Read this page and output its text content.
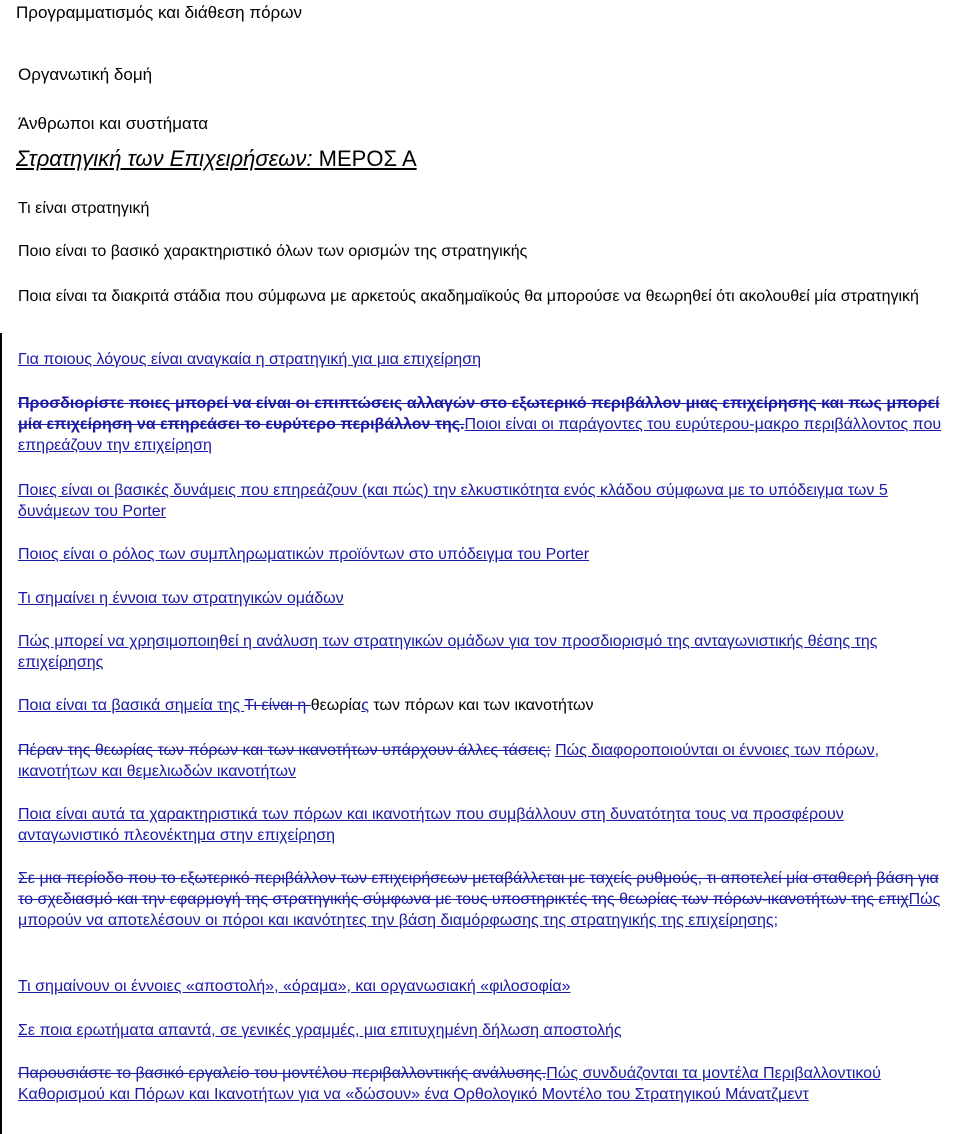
Προγραμματισμός και διάθεση πόρων

Οργανωτική δομή

Άνθρωποι και συστήματα

Στρατηγική των Επιχειρήσεων: ΜΕΡΟΣ Α

Τι είναι στρατηγική

Ποιο είναι το βασικό χαρακτηριστικό όλων των ορισμών της στρατηγικής

Ποια είναι τα διακριτά στάδια που σύμφωνα με αρκετούς ακαδημαϊκούς θα μπορούσε να θεωρηθεί ότι ακολουθεί μία στρατηγική

Για ποιους λόγους είναι αναγκαία η στρατηγική για μια επιχείρηση

Προσδιορίστε ποιες μπορεί να είναι οι επιπτώσεις αλλαγών στο εξωτερικό περιβάλλον μιας επιχείρησης και πως μπορεί μία επιχείρηση να επηρεάσει το ευρύτερο περιβάλλον της.Ποιοι είναι οι παράγοντες του ευρύτερου-μακρο περιβάλλοντος που επηρεάζουν την επιχείρηση

Ποιες είναι οι βασικές δυνάμεις που επηρεάζουν (και πώς) την ελκυστικότητα ενός κλάδου σύμφωνα με το υπόδειγμα των 5 δυνάμεων του Porter

Ποιος είναι ο ρόλος των συμπληρωματικών προϊόντων στο υπόδειγμα του Porter

Τι σημαίνει η έννοια των στρατηγικών ομάδων

Πώς μπορεί να χρησιμοποιηθεί η ανάλυση των στρατηγικών ομάδων για τον προσδιορισμό της ανταγωνιστικής θέσης της επιχείρησης

Ποια είναι τα βασικά σημεία της Τι είναι η θεωρίας των πόρων και των ικανοτήτων

Πέραν της θεωρίας των πόρων και των ικανοτήτων υπάρχουν άλλες τάσεις; Πώς διαφοροποιούνται οι έννοιες των πόρων, ικανοτήτων και θεμελιωδών ικανοτήτων

Ποια είναι αυτά τα χαρακτηριστικά των πόρων και ικανοτήτων που συμβάλλουν στη δυνατότητα τους να προσφέρουν ανταγωνιστικό πλεονέκτημα στην επιχείρηση

Σε μια περίοδο που το εξωτερικό περιβάλλον των επιχειρήσεων μεταβάλλεται με ταχείς ρυθμούς, τι αποτελεί μία σταθερή βάση για το σχεδιασμό και την εφαρμογή της στρατηγικής σύμφωνα με τους υποστηρικτές της θεωρίας των πόρων-ικανοτήτων της επιχΠώς μπορούν να αποτελέσουν οι πόροι και ικανότητες την βάση διαμόρφωσης της στρατηγικής της επιχείρησης;

Τι σημαίνουν οι έννοιες «αποστολή», «όραμα», και οργανωσιακή «φιλοσοφία»

Σε ποια ερωτήματα απαντά, σε γενικές γραμμές, μια επιτυχημένη δήλωση αποστολής

Παρουσιάστε το βασικό εργαλείο του μοντέλου περιβαλλοντικής ανάλυσης.Πώς συνδυάζονται τα μοντέλα Περιβαλλοντικού Καθορισμού και Πόρων και Ικανοτήτων για να «δώσουν» ένα Ορθολογικό Μοντέλο του Στρατηγικού Μάνατζμεντ
